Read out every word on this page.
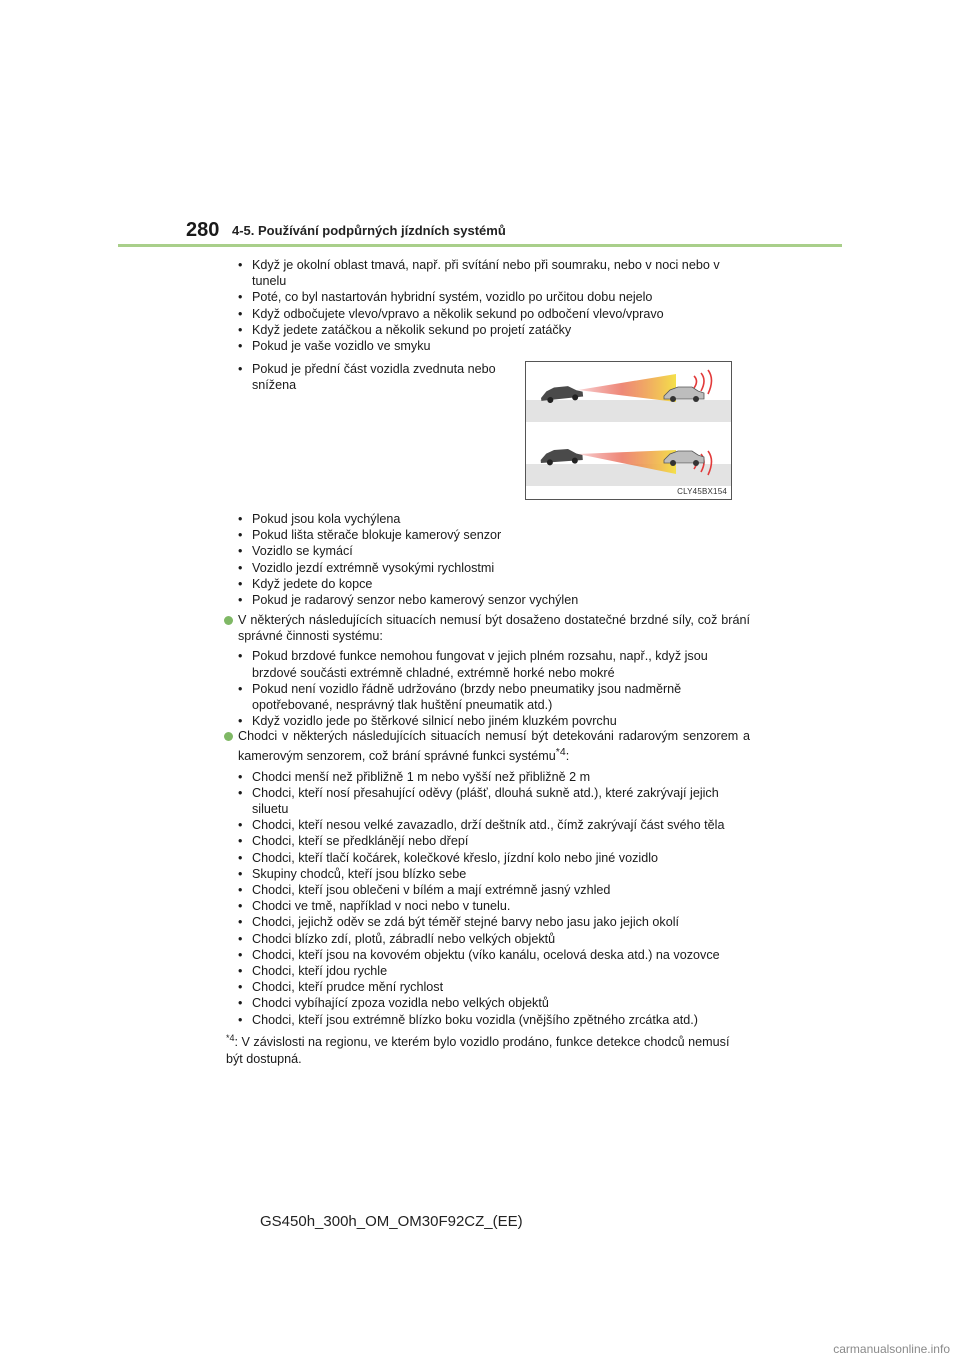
280 4-5. Používání podpůrných jízdních systémů
• Když je okolní oblast tmavá, např. při svítání nebo při soumraku, nebo v noci nebo v tunelu
• Poté, co byl nastartován hybridní systém, vozidlo po určitou dobu nejelo
• Když odbočujete vlevo/vpravo a několik sekund po odbočení vlevo/vpravo
• Když jedete zatáčkou a několik sekund po projetí zatáčky
• Pokud je vaše vozidlo ve smyku
• Pokud je přední část vozidla zvednuta nebo snížena
CLY45BX154
• Pokud jsou kola vychýlena
• Pokud lišta stěrače blokuje kamerový senzor
• Vozidlo se kymácí
• Vozidlo jezdí extrémně vysokými rychlostmi
• Když jedete do kopce
• Pokud je radarový senzor nebo kamerový senzor vychýlen
V některých následujících situacích nemusí být dosaženo dostatečné brzdné síly, což brání správné činnosti systému:
• Pokud brzdové funkce nemohou fungovat v jejich plném rozsahu, např., když jsou brzdové součásti extrémně chladné, extrémně horké nebo mokré
• Pokud není vozidlo řádně udržováno (brzdy nebo pneumatiky jsou nadměrně opotřebované, nesprávný tlak huštění pneumatik atd.)
• Když vozidlo jede po štěrkové silnicí nebo jiném kluzkém povrchu
Chodci v některých následujících situacích nemusí být detekováni radarovým senzorem a kamerovým senzorem, což brání správné funkci systému$^{*4}$:
• Chodci menší než přibližně 1 m nebo vyšší než přibližně 2 m
• Chodci, kteří nosí přesahující oděvy (plášť, dlouhá sukně atd.), které zakrývají jejich siluetu
• Chodci, kteří nesou velké zavazadlo, drží deštník atd., čímž zakrývají část svého těla
• Chodci, kteří se předklánějí nebo dřepí
• Chodci, kteří tlačí kočárek, kolečkové křeslo, jízdní kolo nebo jiné vozidlo
• Skupiny chodců, kteří jsou blízko sebe
• Chodci, kteří jsou oblečeni v bílém a mají extrémně jasný vzhled
• Chodci ve tmě, například v noci nebo v tunelu.
• Chodci, jejichž oděv se zdá být téměř stejné barvy nebo jasu jako jejich okolí
• Chodci blízko zdí, plotů, zábradlí nebo velkých objektů
• Chodci, kteří jsou na kovovém objektu (víko kanálu, ocelová deska atd.) na vozovce
• Chodci, kteří jdou rychle
• Chodci, kteří prudce mění rychlost
• Chodci vybíhající zpoza vozidla nebo velkých objektů
• Chodci, kteří jsou extrémně blízko boku vozidla (vnějšího zpětného zrcátka atd.)
$^{*4}$: V závislosti na regionu, ve kterém bylo vozidlo prodáno, funkce detekce chodců nemusí být dostupná.
GS450h_300h_OM_OM30F92CZ_(EE)
carmanualsonline.info
